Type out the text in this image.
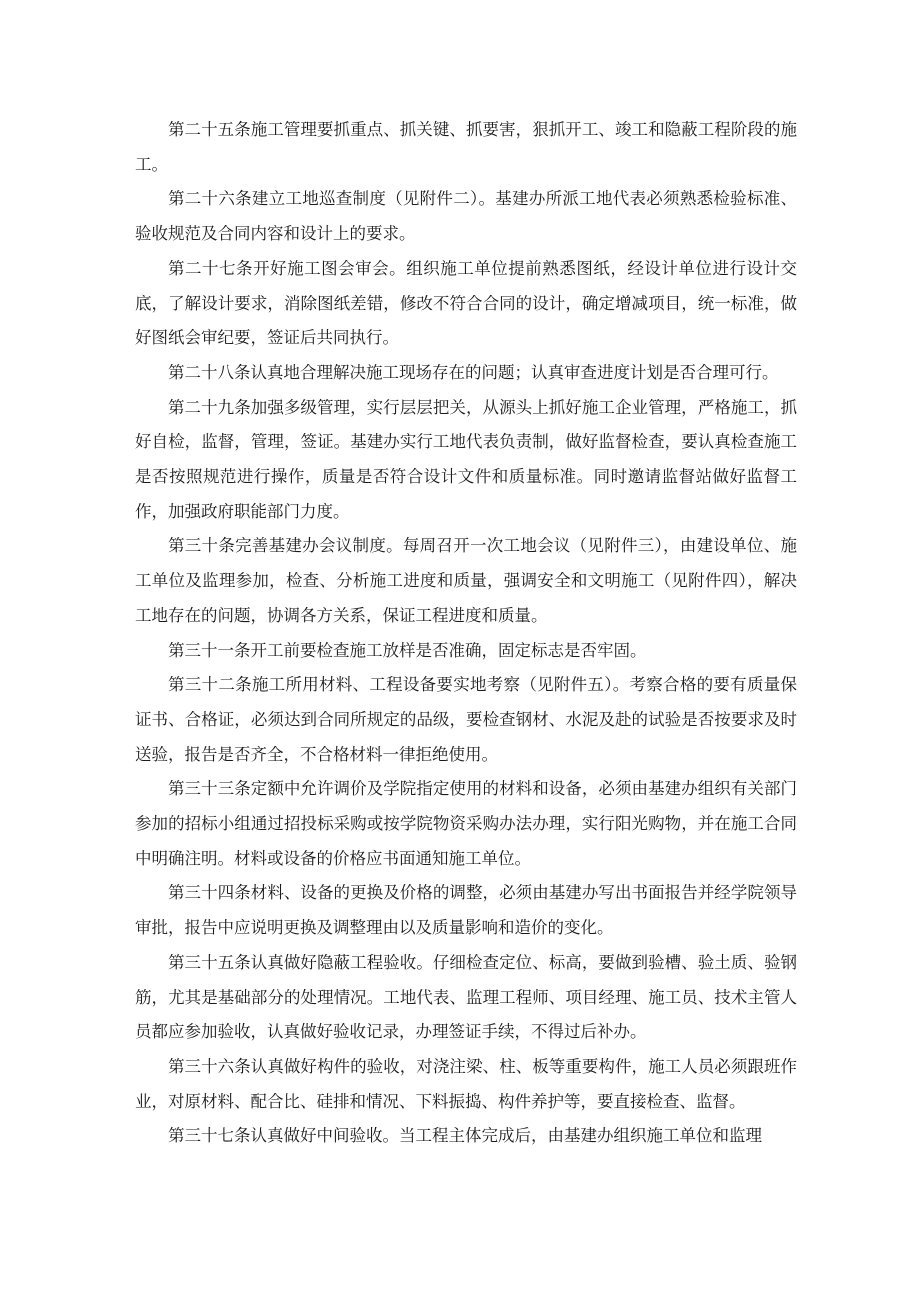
第二十五条施工管理要抓重点、抓关键、抓要害，狠抓开工、竣工和隐蔽工程阶段的施工。

第二十六条建立工地巡查制度（见附件二）。基建办所派工地代表必须熟悉检验标准、验收规范及合同内容和设计上的要求。

第二十七条开好施工图会审会。组织施工单位提前熟悉图纸，经设计单位进行设计交底，了解设计要求，消除图纸差错，修改不符合合同的设计，确定增减项目，统一标准，做好图纸会审纪要，签证后共同执行。

第二十八条认真地合理解决施工现场存在的问题；认真审查进度计划是否合理可行。

第二十九条加强多级管理，实行层层把关，从源头上抓好施工企业管理，严格施工，抓好自检，监督，管理，签证。基建办实行工地代表负责制，做好监督检查，要认真检查施工是否按照规范进行操作，质量是否符合设计文件和质量标准。同时邀请监督站做好监督工作，加强政府职能部门力度。

第三十条完善基建办会议制度。每周召开一次工地会议（见附件三），由建设单位、施工单位及监理参加，检查、分析施工进度和质量，强调安全和文明施工（见附件四），解决工地存在的问题，协调各方关系，保证工程进度和质量。

第三十一条开工前要检查施工放样是否准确，固定标志是否牢固。

第三十二条施工所用材料、工程设备要实地考察（见附件五）。考察合格的要有质量保证书、合格证，必须达到合同所规定的品级，要检查钢材、水泥及赴的试验是否按要求及时送验，报告是否齐全，不合格材料一律拒绝使用。

第三十三条定额中允许调价及学院指定使用的材料和设备，必须由基建办组织有关部门参加的招标小组通过招投标采购或按学院物资采购办法办理，实行阳光购物，并在施工合同中明确注明。材料或设备的价格应书面通知施工单位。

第三十四条材料、设备的更换及价格的调整，必须由基建办写出书面报告并经学院领导审批，报告中应说明更换及调整理由以及质量影响和造价的变化。

第三十五条认真做好隐蔽工程验收。仔细检查定位、标高，要做到验槽、验土质、验钢筋，尤其是基础部分的处理情况。工地代表、监理工程师、项目经理、施工员、技术主管人员都应参加验收，认真做好验收记录，办理签证手续，不得过后补办。

第三十六条认真做好构件的验收，对浇注梁、柱、板等重要构件，施工人员必须跟班作业，对原材料、配合比、硅排和情况、下料振捣、构件养护等，要直接检查、监督。

第三十七条认真做好中间验收。当工程主体完成后，由基建办组织施工单位和监理
